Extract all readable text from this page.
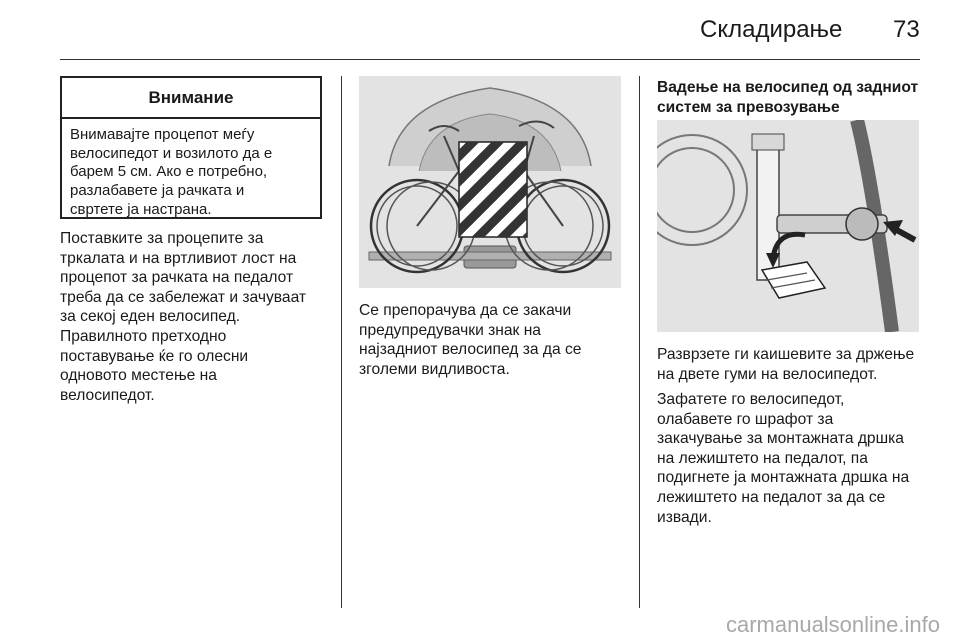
Складирање 73
Внимание

Внимавајте процепот меѓу

велосипедот и возилото да е

барем 5 см. Ако е потребно,

разлабавете ја рачката и

свртете ја настрана.

Поставките за процепите за

тркалата и на вртливиот лост на

процепот за рачката на педалот

треба да се забележат и зачуваат

за секој еден велосипед.

Правилното претходно

поставување ќе го олесни

одновото местење на

велосипедот.

Се препорачува да се закачи

предупредувачки знак на

најзадниот велосипед за да се

зголеми видливоста.

Вадење на велосипед од задниот

систем за превозување

Разврзете ги каишевите за држење

на двете гуми на велосипедот.

Зафатете го велосипедот,

олабавете го шрафот за

закачување за монтажната дршка

на лежиштето на педалот, па

подигнете ја монтажната дршка на

лежиштето на педалот за да се

извади.

carmanualsonline.info
